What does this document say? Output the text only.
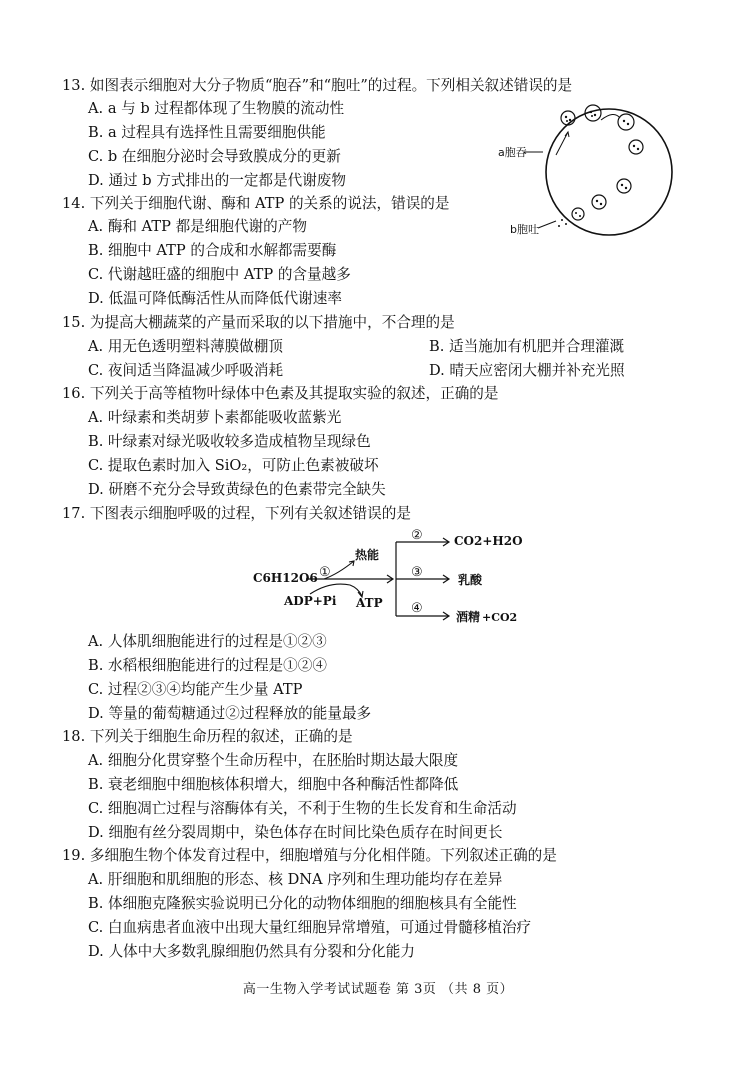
13. 如图表示细胞对大分子物质“胞吞”和“胞吐”的过程。下列相关叙述错误的是
A. a 与 b 过程都体现了生物膜的流动性
B. a 过程具有选择性且需要细胞供能
C. b 在细胞分泌时会导致膜成分的更新
D. 通过 b 方式排出的一定都是代谢废物
a胞吞
b胞吐
14. 下列关于细胞代谢、酶和 ATP 的关系的说法，错误的是
A. 酶和 ATP 都是细胞代谢的产物
B. 细胞中 ATP 的合成和水解都需要酶
C. 代谢越旺盛的细胞中 ATP 的含量越多
D. 低温可降低酶活性从而降低代谢速率
15. 为提高大棚蔬菜的产量而采取的以下措施中，不合理的是
A. 用无色透明塑料薄膜做棚顶	B. 适当施加有机肥并合理灌溉
C. 夜间适当降温减少呼吸消耗	D. 晴天应密闭大棚并补充光照
16. 下列关于高等植物叶绿体中色素及其提取实验的叙述，正确的是
A. 叶绿素和类胡萝卜素都能吸收蓝紫光
B. 叶绿素对绿光吸收较多造成植物呈现绿色
C. 提取色素时加入 SiO₂，可防止色素被破坏
D. 研磨不充分会导致黄绿色的色素带完全缺失
17. 下图表示细胞呼吸的过程，下列有关叙述错误的是
C6H12O6
ADP+Pi
①
热能
ATP
②
③
④
CO2+H2O
乳酸
酒精 +CO2
A. 人体肌细胞能进行的过程是①②③
B. 水稻根细胞能进行的过程是①②④
C. 过程②③④均能产生少量 ATP
D. 等量的葡萄糖通过②过程释放的能量最多
18. 下列关于细胞生命历程的叙述，正确的是
A. 细胞分化贯穿整个生命历程中，在胚胎时期达最大限度
B. 衰老细胞中细胞核体积增大，细胞中各种酶活性都降低
C. 细胞凋亡过程与溶酶体有关，不利于生物的生长发育和生命活动
D. 细胞有丝分裂周期中，染色体存在时间比染色质存在时间更长
19. 多细胞生物个体发育过程中，细胞增殖与分化相伴随。下列叙述正确的是
A. 肝细胞和肌细胞的形态、核 DNA 序列和生理功能均存在差异
B. 体细胞克隆猴实验说明已分化的动物体细胞的细胞核具有全能性
C. 白血病患者血液中出现大量红细胞异常增殖，可通过骨髓移植治疗
D. 人体中大多数乳腺细胞仍然具有分裂和分化能力
高一生物入学考试试题卷 第 3页 （共 8 页）
